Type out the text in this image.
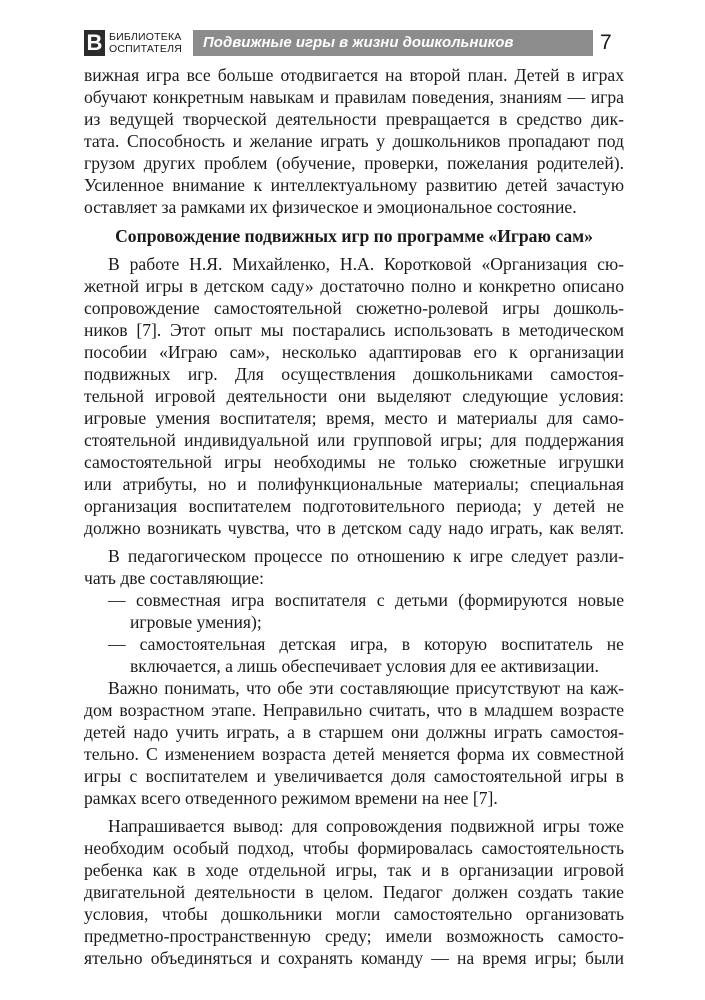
В БИБЛИОТЕКА
ОСПИТАТЕЛЯ Подвижные игры в жизни дошкольников	7
вижная игра все больше отодвигается на второй план. Детей в играх
обучают конкретным навыкам и правилам поведения, знаниям — игра
из ведущей творческой деятельности превращается в средство дик-
тата. Способность и желание играть у дошкольников пропадают под
грузом других проблем (обучение, проверки, пожелания родителей).
Усиленное внимание к интеллектуальному развитию детей зачастую
оставляет за рамками их физическое и эмоциональное состояние.
Сопровождение подвижных игр по программе «Играю сам»
В работе Н.Я. Михайленко, Н.А. Коротковой «Организация сю-
жетной игры в детском саду» достаточно полно и конкретно описано
сопровождение самостоятельной сюжетно-ролевой игры дошколь-
ников [7]. Этот опыт мы постарались использовать в методическом
пособии «Играю сам», несколько адаптировав его к организации
подвижных игр. Для осуществления дошкольниками самостоя-
тельной игровой деятельности они выделяют следующие условия:
игровые умения воспитателя; время, место и материалы для само-
стоятельной индивидуальной или групповой игры; для поддержания
самостоятельной игры необходимы не только сюжетные игрушки
или атрибуты, но и полифункциональные материалы; специальная
организация воспитателем подготовительного периода; у детей не
должно возникать чувства, что в детском саду надо играть, как велят.
В педагогическом процессе по отношению к игре следует разли-
чать две составляющие:
— совместная игра воспитателя с детьми (формируются новые
игровые умения);
— самостоятельная детская игра, в которую воспитатель не
включается, а лишь обеспечивает условия для ее активизации.
Важно понимать, что обе эти составляющие присутствуют на каж-
дом возрастном этапе. Неправильно считать, что в младшем возрасте
детей надо учить играть, а в старшем они должны играть самостоя-
тельно. С изменением возраста детей меняется форма их совместной
игры с воспитателем и увеличивается доля самостоятельной игры в
рамках всего отведенного режимом времени на нее [7].
Напрашивается вывод: для сопровождения подвижной игры тоже
необходим особый подход, чтобы формировалась самостоятельность
ребенка как в ходе отдельной игры, так и в организации игровой
двигательной деятельности в целом. Педагог должен создать такие
условия, чтобы дошкольники могли самостоятельно организовать
предметно-пространственную среду; имели возможность самосто-
ятельно объединяться и сохранять команду — на время игры; были
